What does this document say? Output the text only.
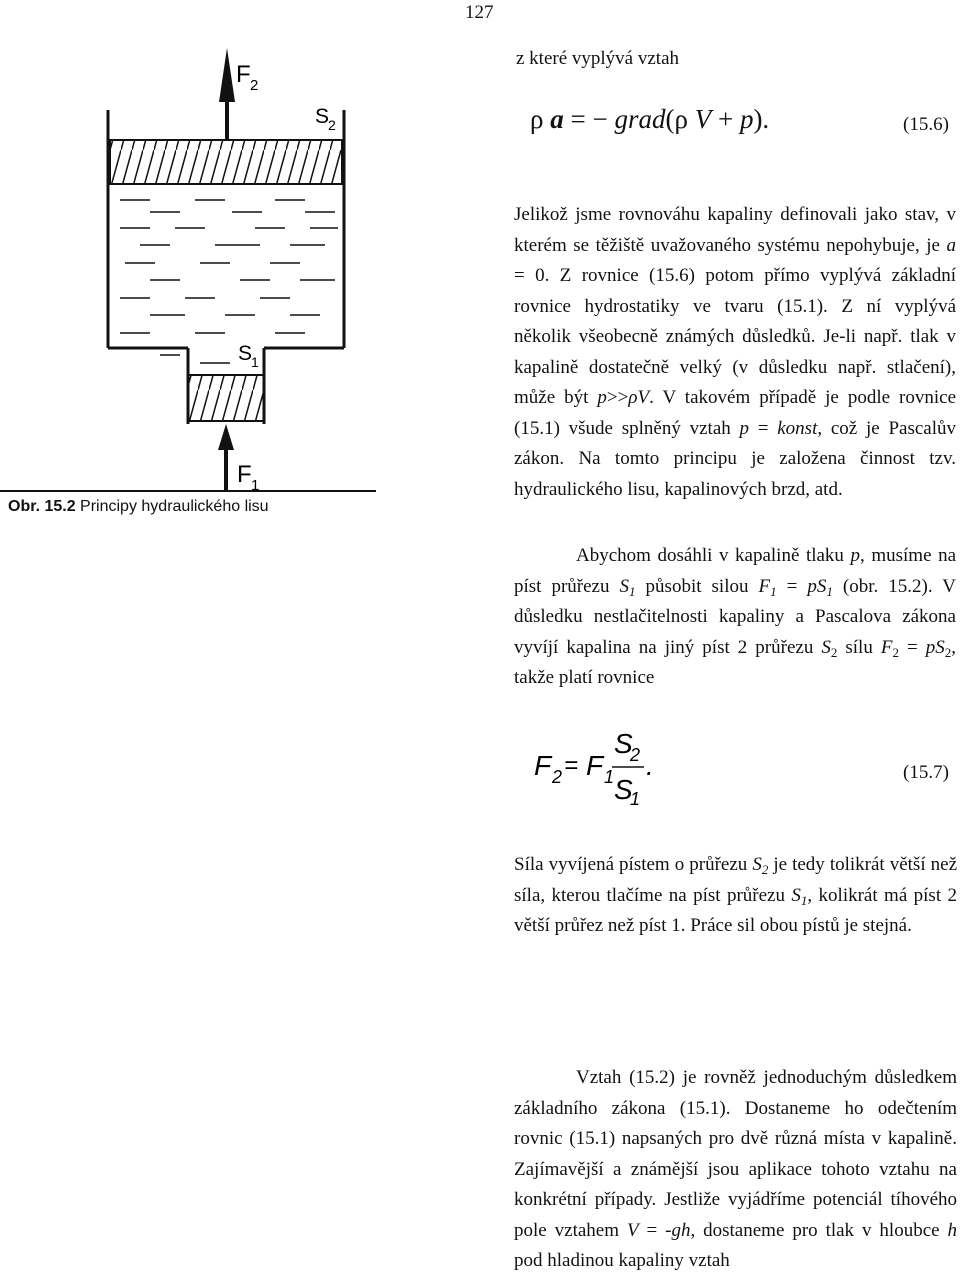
127
z které vyplývá vztah
ρ a = − grad(ρ V + p).	(15.6)
Jelikož jsme rovnováhu kapaliny definovali jako stav, v kterém se těžiště uvažovaného systému nepohybuje, je a = 0. Z rovnice (15.6) potom přímo vyplývá základní rovnice hydrostatiky ve tvaru (15.1). Z ní vyplývá několik všeobecně známých důsledků. Je-li např. tlak v kapalině dostatečně velký (v důsledku např. stlačení), může být p>>ρV. V takovém případě je podle rovnice (15.1) všude splněný vztah p = konst, což je Pascalův zákon. Na tomto principu je založena činnost tzv. hydraulického lisu, kapalinových brzd, atd.
Abychom dosáhli v kapalině tlaku p, musíme na píst průřezu $S_1$ působit silou $F_1 = pS_1$ (obr. 15.2). V důsledku nestlačitelnosti kapaliny a Pascalova zákona vyvíjí kapalina na jiný píst 2 průřezu $S_2$ sílu $F_2 = pS_2$, takže platí rovnice
F 2 = F 1
S
2
S
1
.	(15.7)
Síla vyvíjená pístem o průřezu $S_2$ je tedy tolikrát větší než síla, kterou tlačíme na píst průřezu $S_1$, kolikrát má píst 2 větší průřez než píst 1. Práce sil obou pístů je stejná.
Vztah (15.2) je rovněž jednoduchým důsledkem základního zákona (15.1). Dostaneme ho odečtením rovnic (15.1) napsaných pro dvě různá místa v kapalině. Zajímavější a známější jsou aplikace tohoto vztahu na konkrétní případy. Jestliže vyjádříme potenciál tíhového pole vztahem V = -gh, dostaneme pro tlak v hloubce h pod hladinou kapaliny vztah
F 2
S
2
S
1
F 1
Obr. 15.2 Principy hydraulického lisu
